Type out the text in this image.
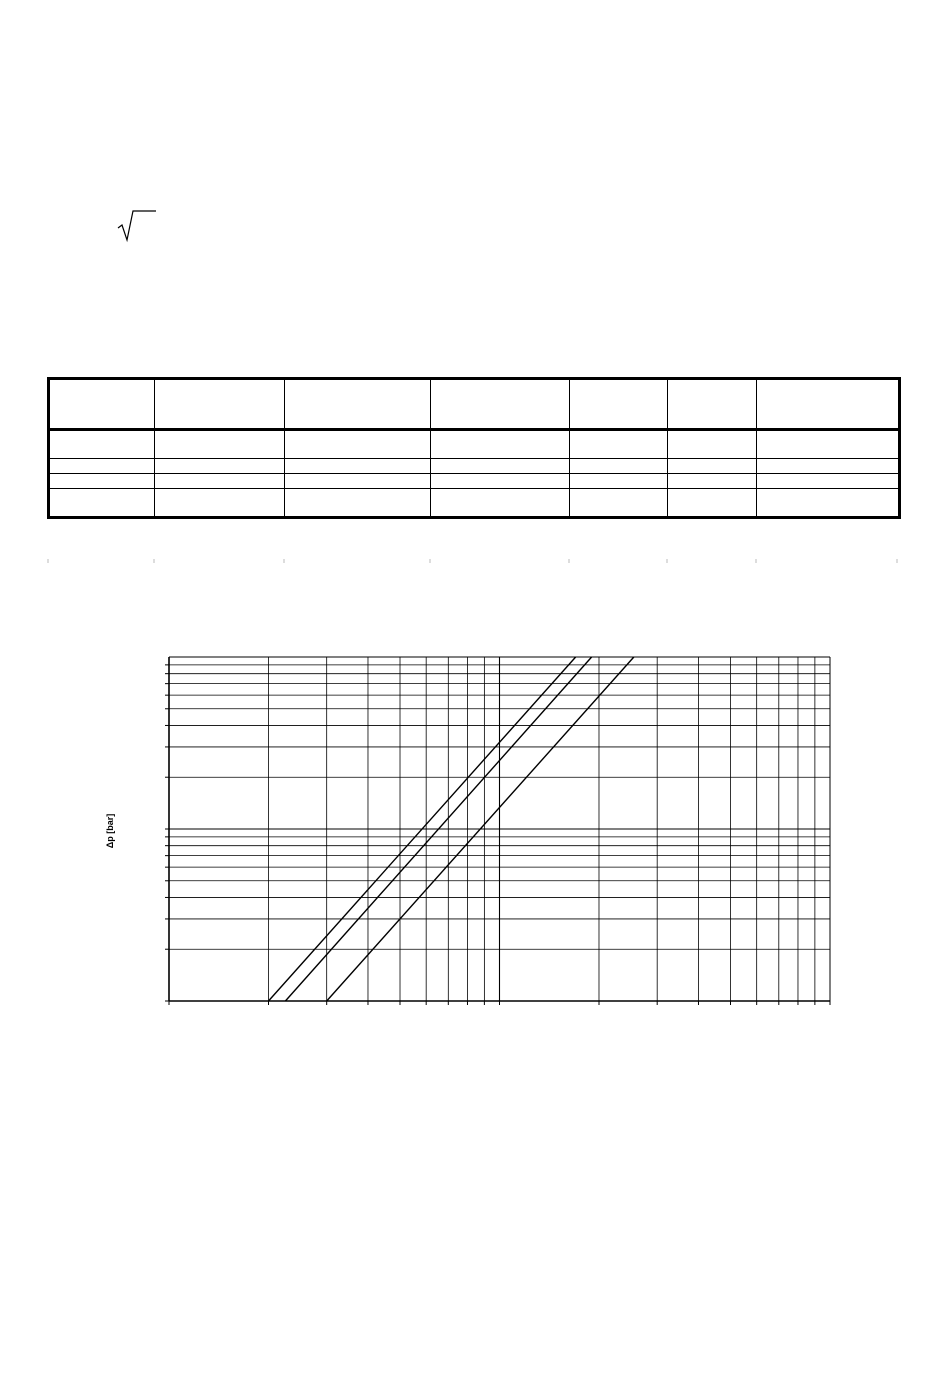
Δp [bar]
